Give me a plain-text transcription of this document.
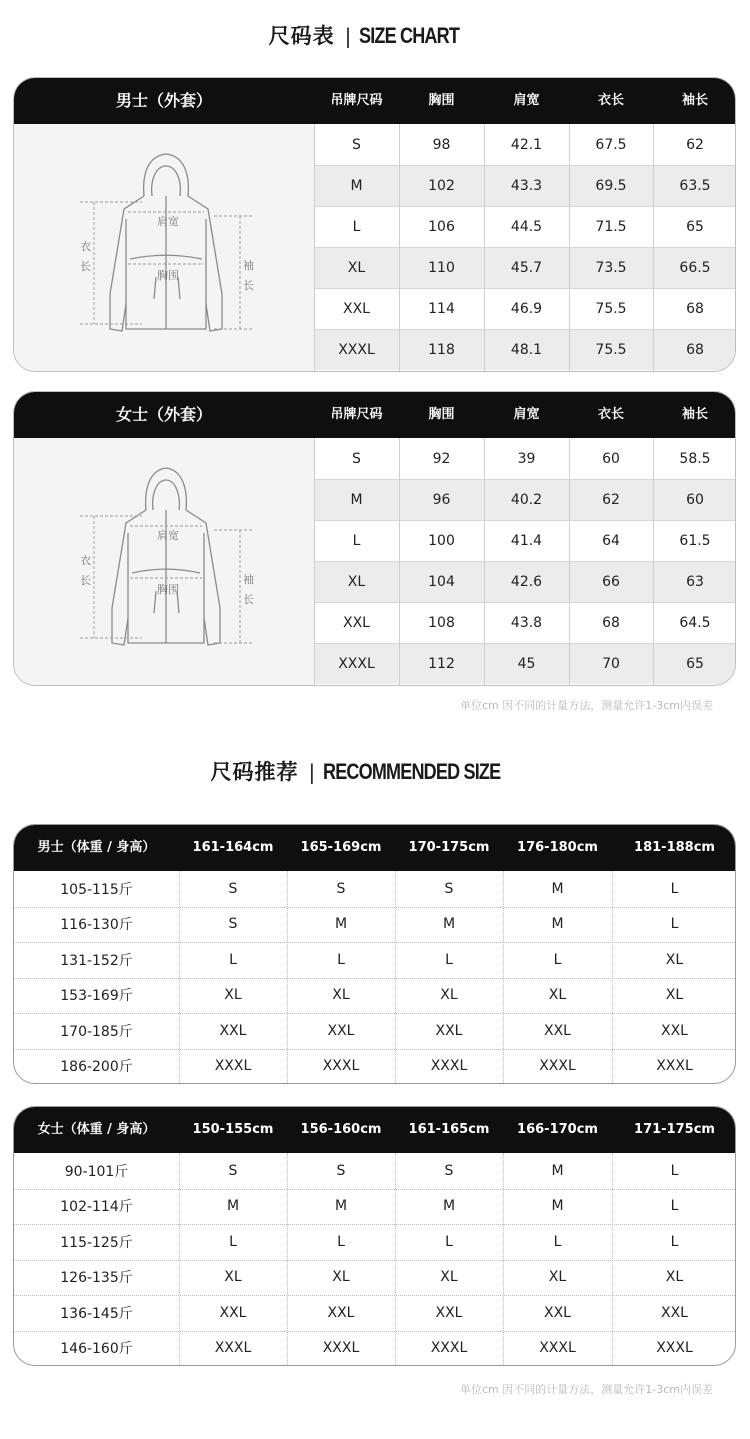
尺码表 | SIZE CHART
男士（外套）	吊牌尺码	胸围	肩宽	衣长	袖长
肩宽
胸围
衣
长	袖
长
S	98	42.1	67.5	62
M	102	43.3	69.5	63.5
L	106	44.5	71.5	65
XL	110	45.7	73.5	66.5
XXL	114	46.9	75.5	68
XXXL	118	48.1	75.5	68
女士（外套）	吊牌尺码	胸围	肩宽	衣长	袖长
肩宽
胸围
衣
长	袖
长
S	92	39	60	58.5
M	96	40.2	62	60
L	100	41.4	64	61.5
XL	104	42.6	66	63
XXL	108	43.8	68	64.5
XXXL	112	45	70	65
单位cm 因不同的计量方法，测量允许1-3cm内误差
尺码推荐 | RECOMMENDED SIZE
男士（体重 / 身高）	161-164cm	165-169cm	170-175cm	176-180cm	181-188cm
105-115斤	S	S	S	M	L
116-130斤	S	M	M	M	L
131-152斤	L	L	L	L	XL
153-169斤	XL	XL	XL	XL	XL
170-185斤	XXL	XXL	XXL	XXL	XXL
186-200斤	XXXL	XXXL	XXXL	XXXL	XXXL
女士（体重 / 身高）	150-155cm	156-160cm	161-165cm	166-170cm	171-175cm
90-101斤	S	S	S	M	L
102-114斤	M	M	M	M	L
115-125斤	L	L	L	L	L
126-135斤	XL	XL	XL	XL	XL
136-145斤	XXL	XXL	XXL	XXL	XXL
146-160斤	XXXL	XXXL	XXXL	XXXL	XXXL
单位cm 因不同的计量方法，测量允许1-3cm内误差
